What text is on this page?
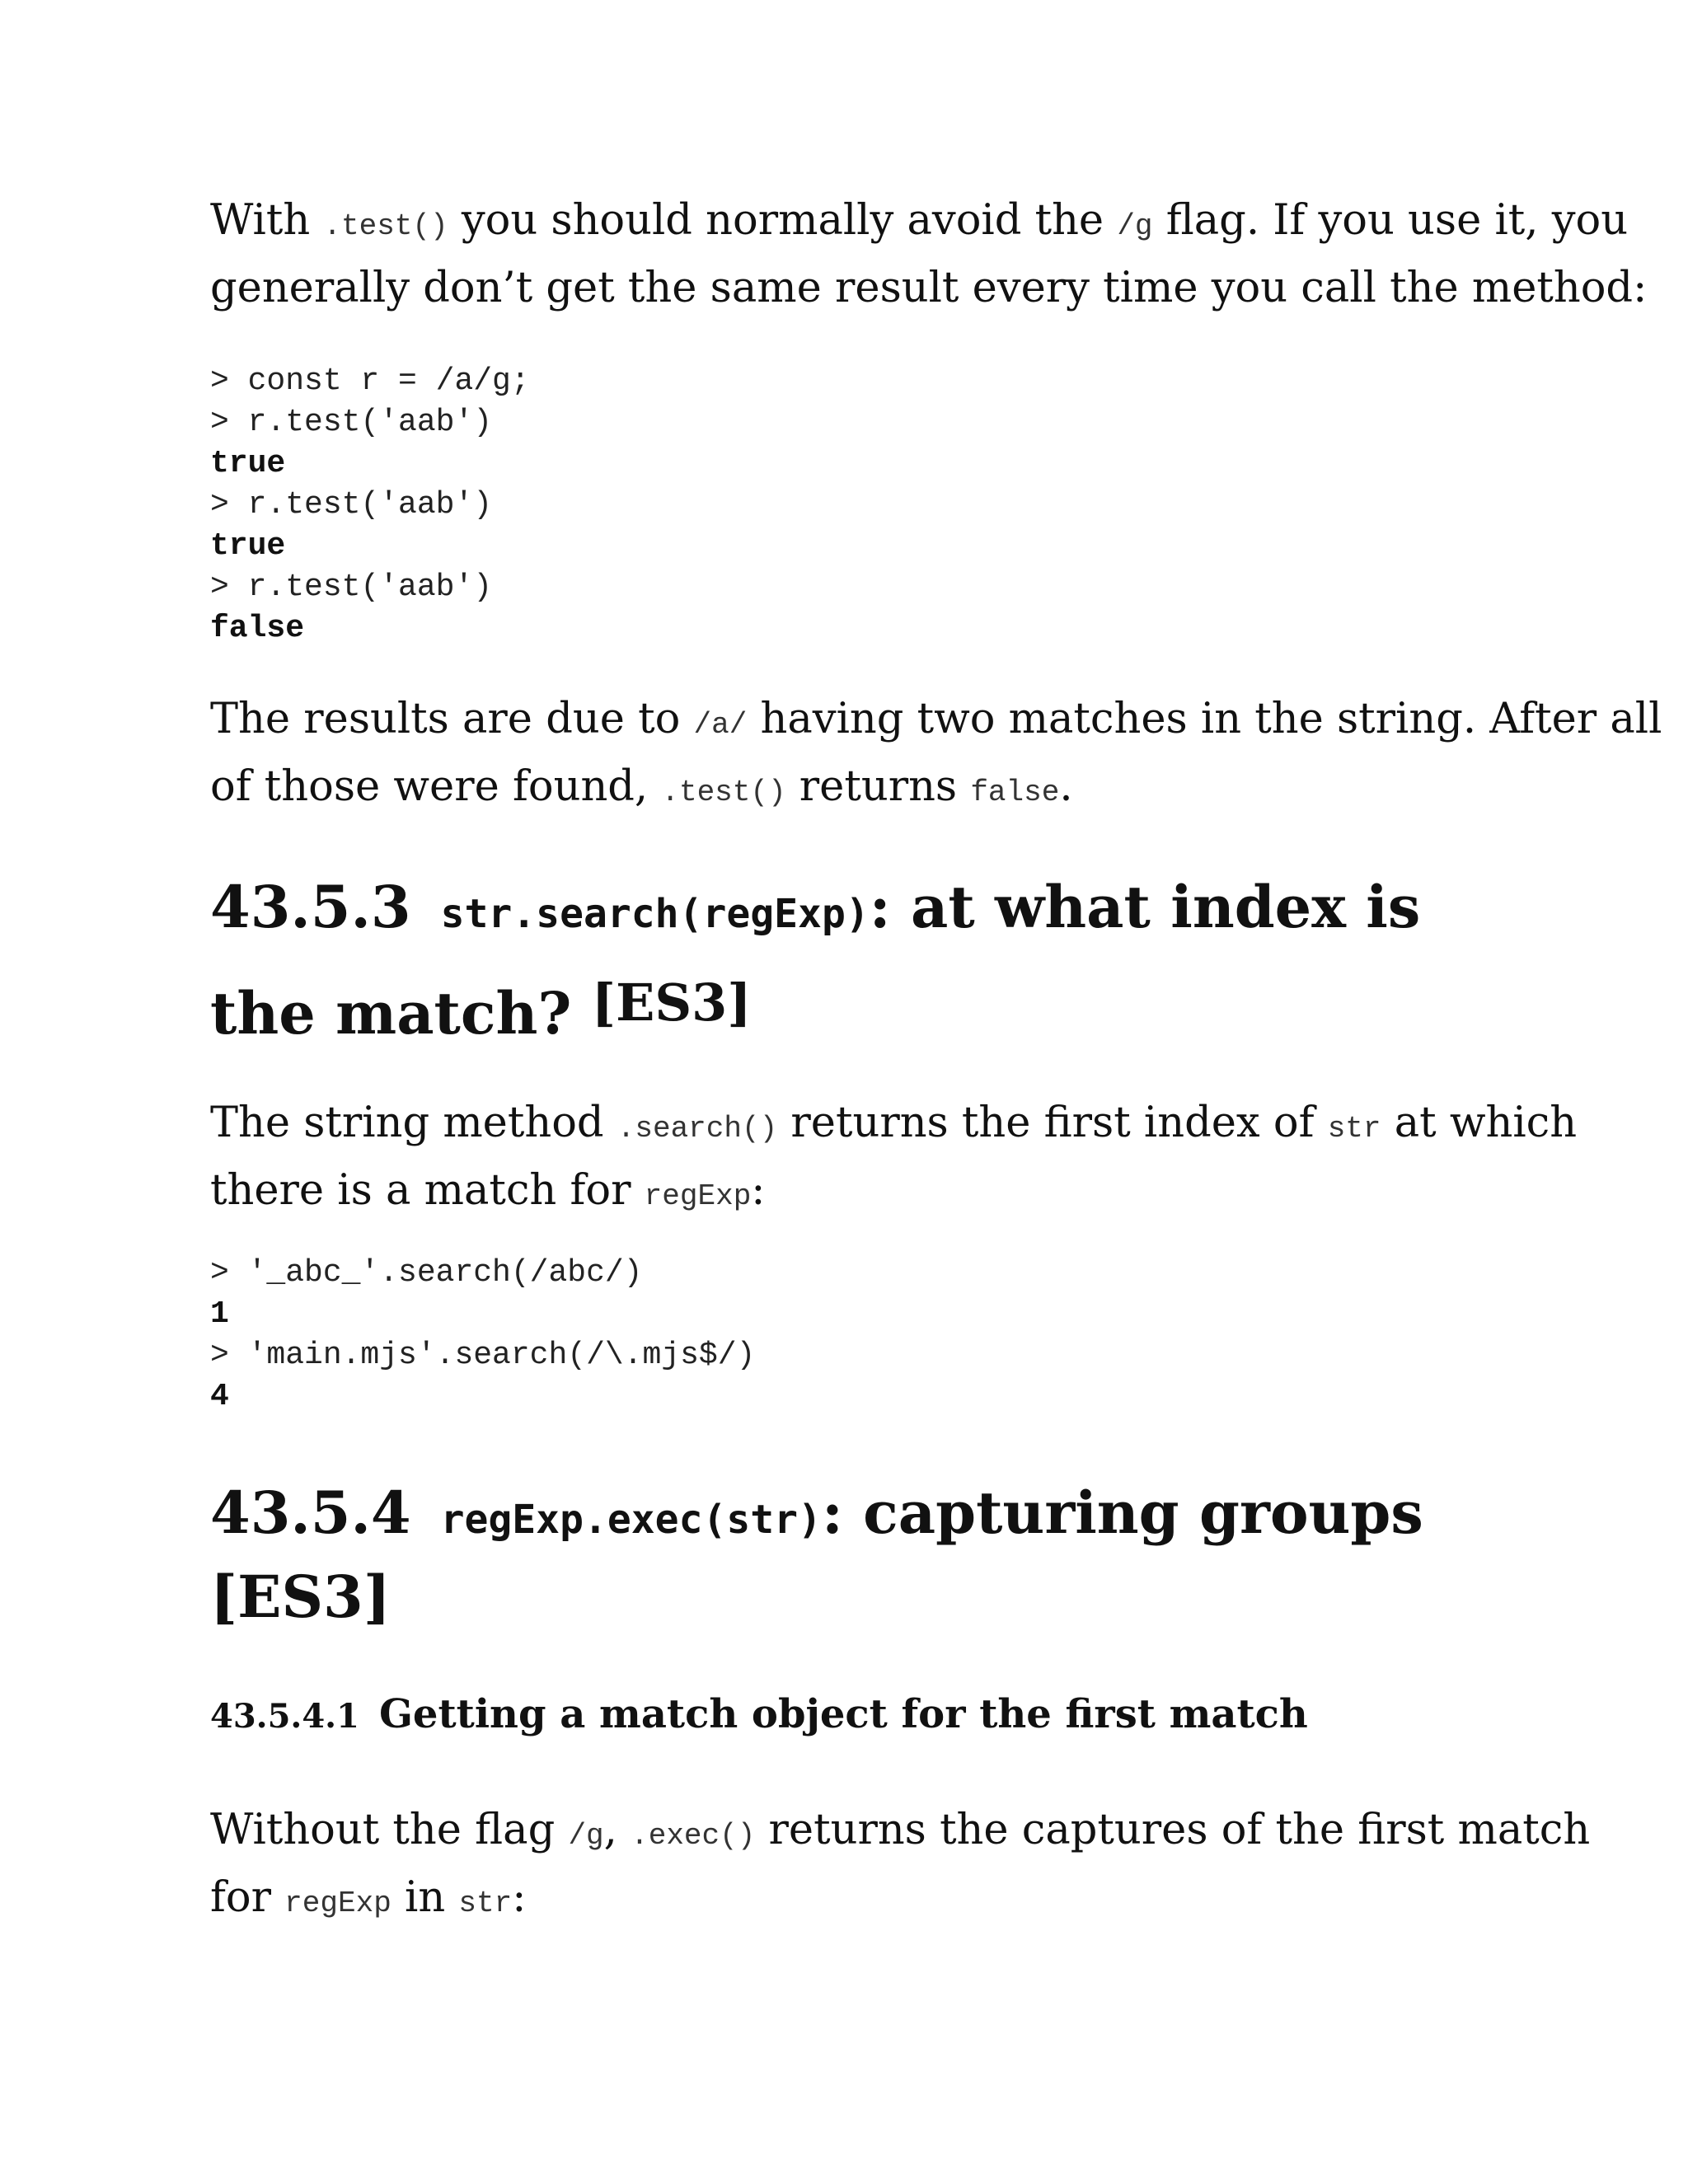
With .test() you should normally avoid the /g flag. If you use it, you

generally don’t get the same result every time you call the method:

> const r = /a/g;
> r.test('aab')
true
> r.test('aab')
true
> r.test('aab')
false

The results are due to /a/ having two matches in the string. After all

of those were found, .test() returns false.

43.5.3 str.search(regExp): at what index is
the match? [ES3]

The string method .search() returns the first index of str at which

there is a match for regExp:

> '_abc_'.search(/abc/)
1
> 'main.mjs'.search(/\.mjs$/)
4
43.5.4 regExp.exec(str): capturing groups
[ES3]
43.5.4.1 Getting a match object for the first match

Without the flag /g, .exec() returns the captures of the first match

for regExp in str:
